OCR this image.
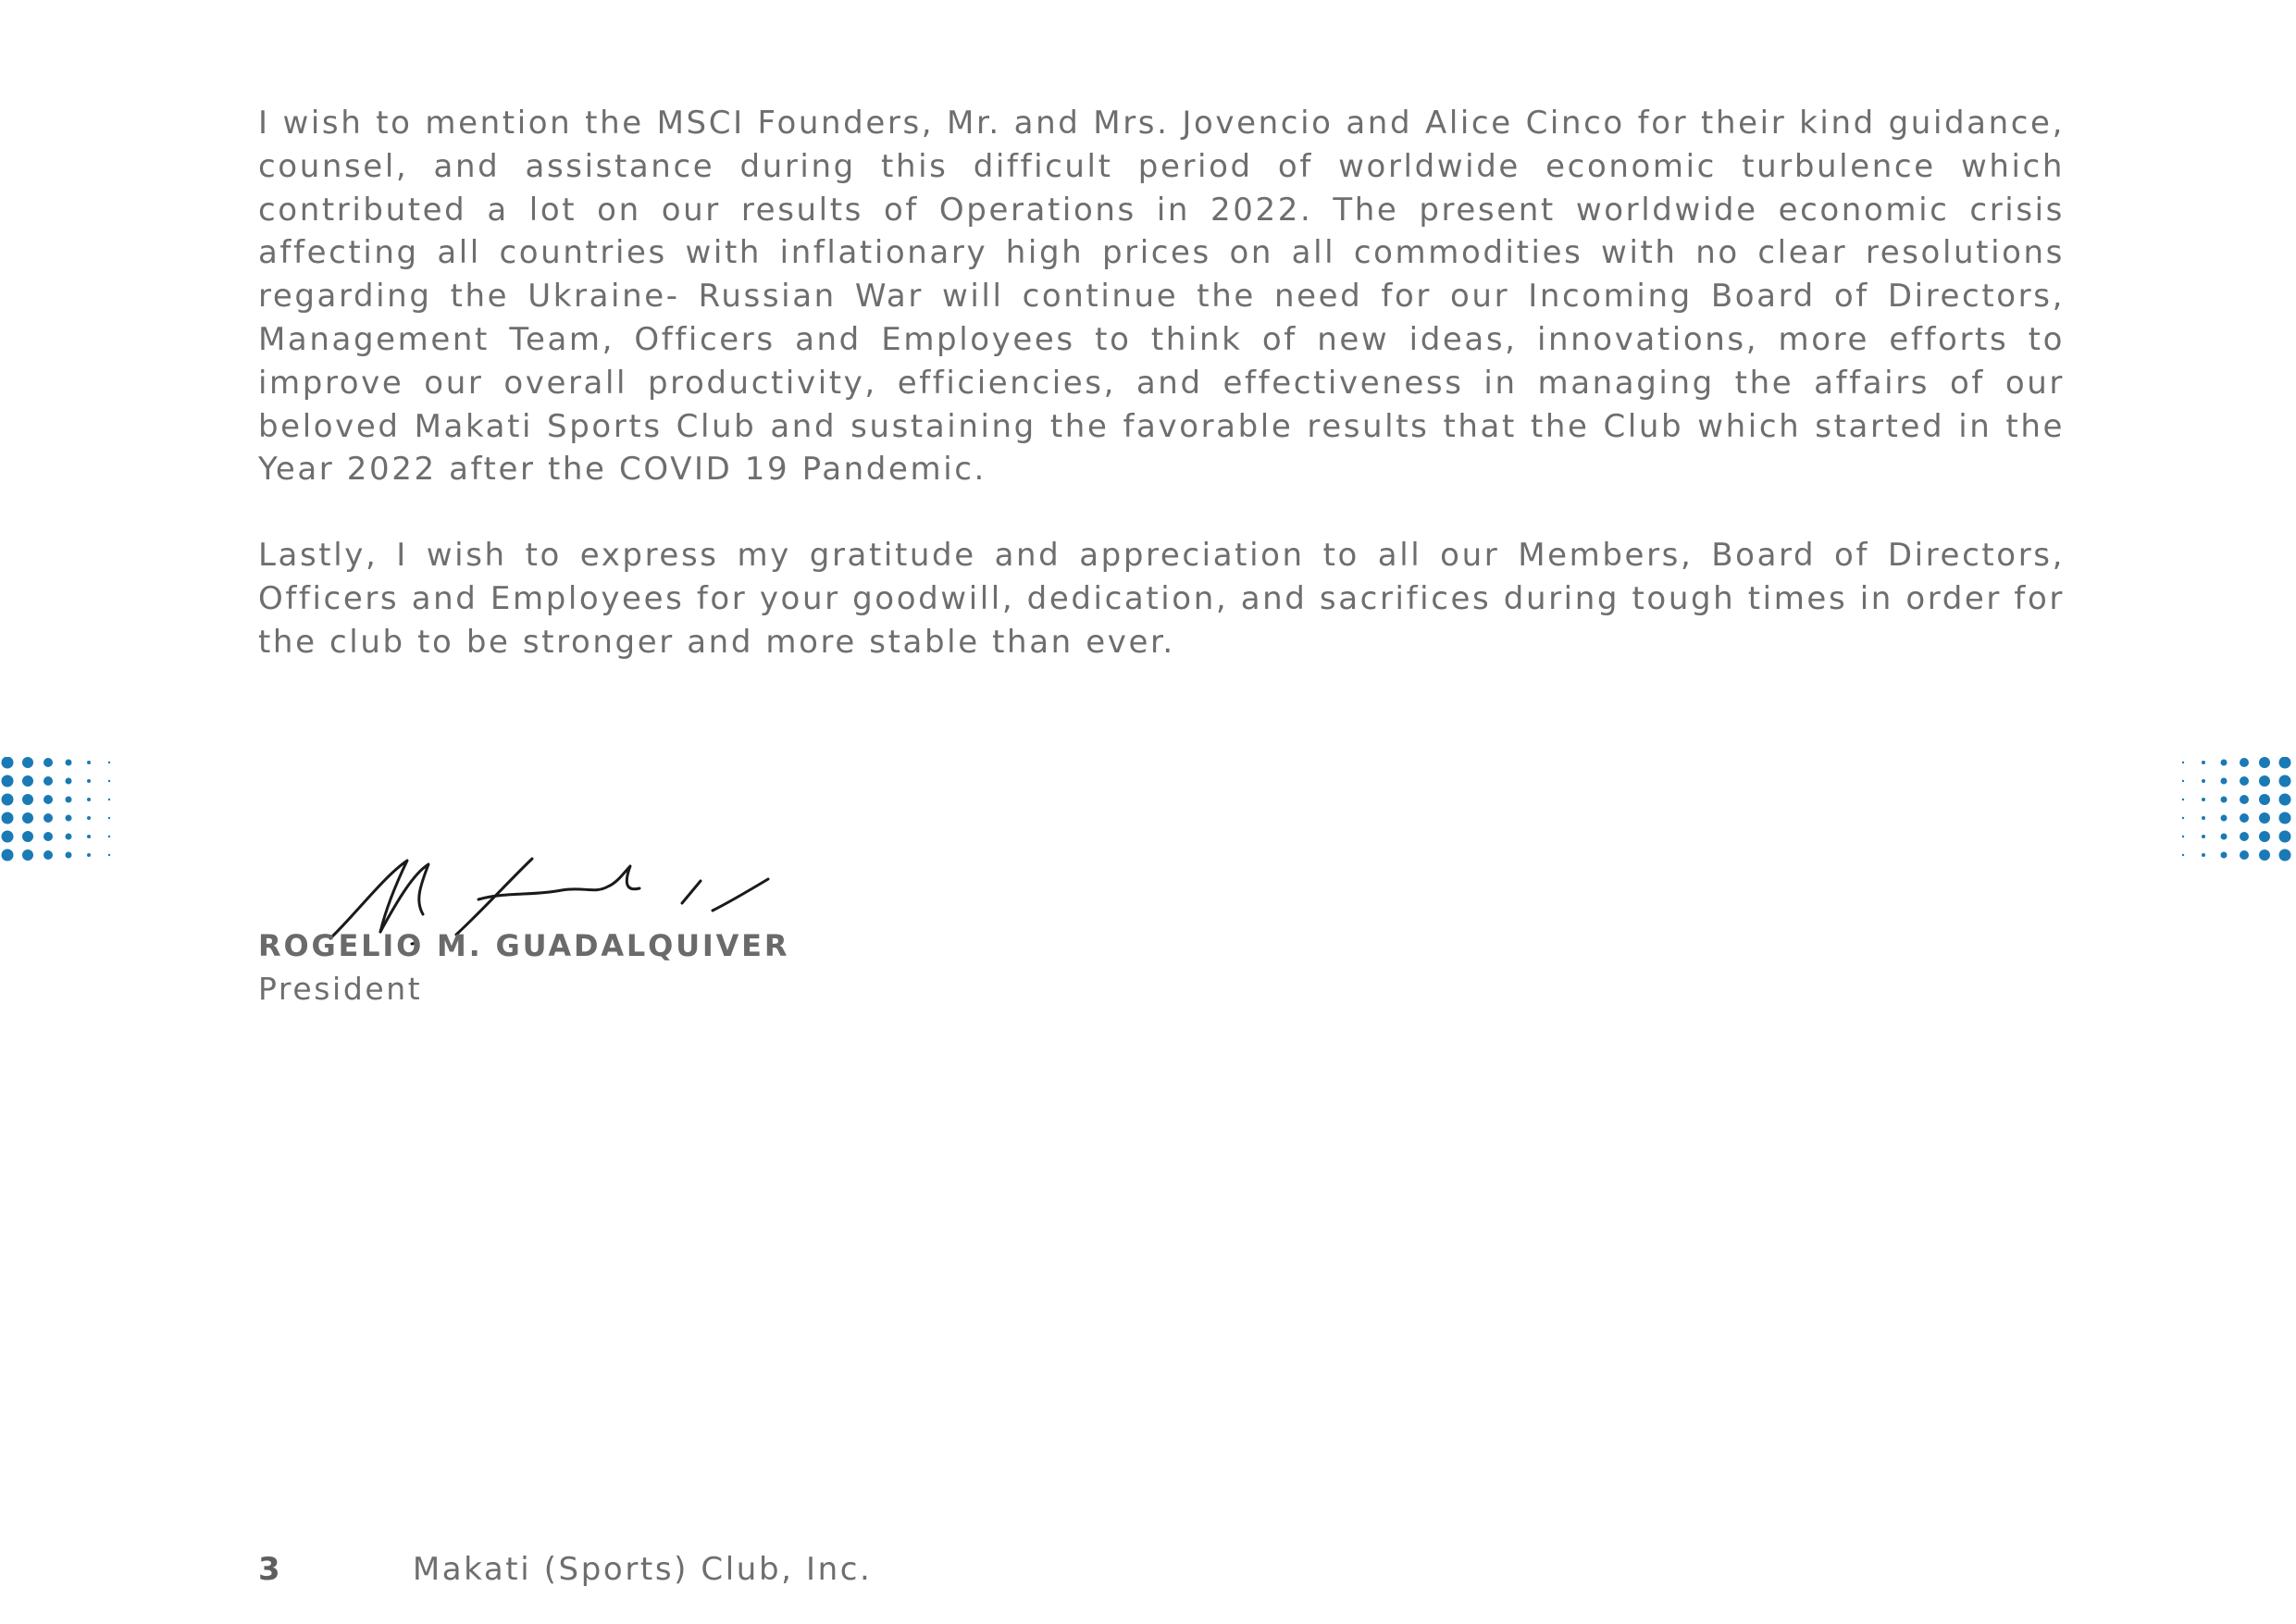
I wish to mention the MSCI Founders, Mr. and Mrs. Jovencio and Alice Cinco for their kind guidance, counsel, and assistance during this difficult period of worldwide economic turbulence which contributed a lot on our results of Operations in 2022. The present worldwide economic crisis affecting all countries with inflationary high prices on all commodities with no clear resolutions regarding the Ukraine- Russian War will continue the need for our Incoming Board of Directors, Management Team, Officers and Employees to think of new ideas, innovations, more efforts to improve our overall productivity, efficiencies, and effectiveness in managing the affairs of our beloved Makati Sports Club and sustaining the favorable results that the Club which started in the Year 2022 after the COVID 19 Pandemic.

Lastly, I wish to express my gratitude and appreciation to all our Members, Board of Directors, Officers and Employees for your goodwill, dedication, and sacrifices during tough times in order for the club to be stronger and more stable than ever.

ROGELIO M. GUADALQUIVER
President
3	Makati (Sports) Club, Inc.
